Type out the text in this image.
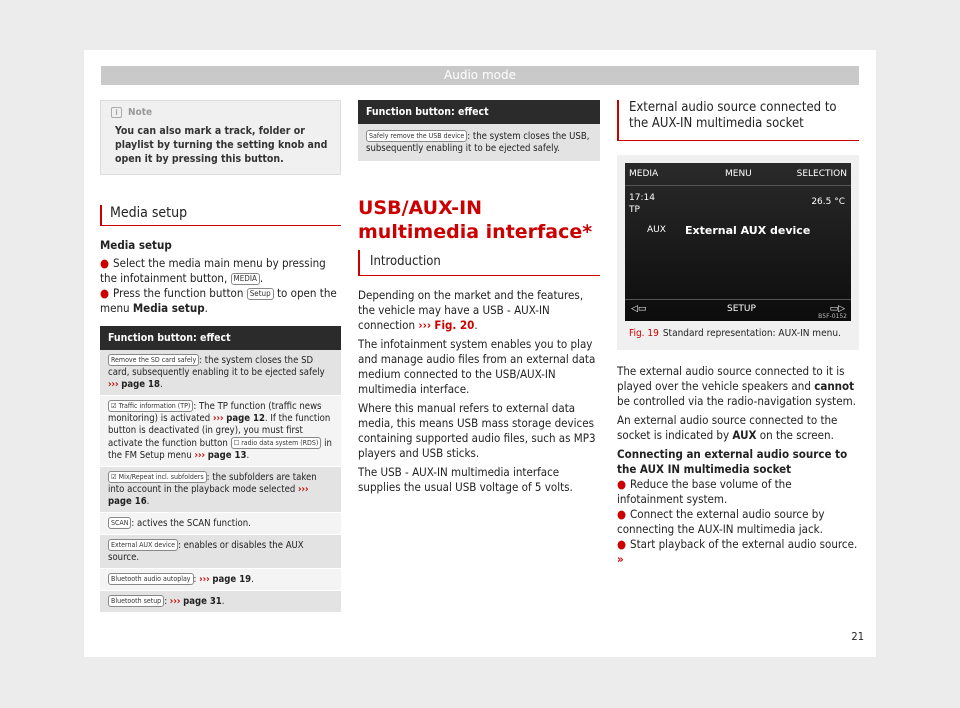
Audio mode
i	Note
You can also mark a track, folder or playlist by turning the setting knob and open it by pressing this button.
Media setup
Media setup
● Select the media main menu by pressing the infotainment button, MEDIA .
● Press the function button Setup to open the menu Media setup.
Function button: effect
Remove the SD card safely : the system closes the SD card, subsequently enabling it to be ejected safely ››› page 18.
☑ Traffic information (TP) : The TP function (traffic news monitoring) is activated ››› page 12. If the function button is deactivated (in grey), you must first activate the function button ☐ radio data system (RDS) in the FM Setup menu ››› page 13.
☑ Mix/Repeat incl. subfolders : the subfolders are taken into account in the playback mode selected ››› page 16.
SCAN : actives the SCAN function.
External AUX device : enables or disables the AUX source.
Bluetooth audio autoplay : ››› page 19.
Bluetooth setup : ››› page 31.
Function button: effect
Safely remove the USB device : the system closes the USB, subsequently enabling it to be ejected safely.
USB/AUX-IN multimedia interface*
Introduction
Depending on the market and the features, the vehicle may have a USB - AUX-IN connection ››› Fig. 20.
The infotainment system enables you to play and manage audio files from an external data medium connected to the USB/AUX-IN multimedia interface.
Where this manual refers to external data media, this means USB mass storage devices containing supported audio files, such as MP3 players and USB sticks.
The USB - AUX-IN multimedia interface supplies the usual USB voltage of 5 volts.
External audio source connected to the AUX-IN multimedia socket
MEDIA	MENU	SELECTION
17:14
TP
26.5 °C
AUX External AUX device
◁▭	SETUP	▭▷
B5F-0152
Fig. 19 Standard representation: AUX-IN menu.
The external audio source connected to it is played over the vehicle speakers and cannot be controlled via the radio-navigation system.
An external audio source connected to the socket is indicated by AUX on the screen.
Connecting an external audio source to the AUX IN multimedia socket
● Reduce the base volume of the infotainment system.
● Connect the external audio source by connecting the AUX-IN multimedia jack.
● Start playback of the external audio source. »
21
